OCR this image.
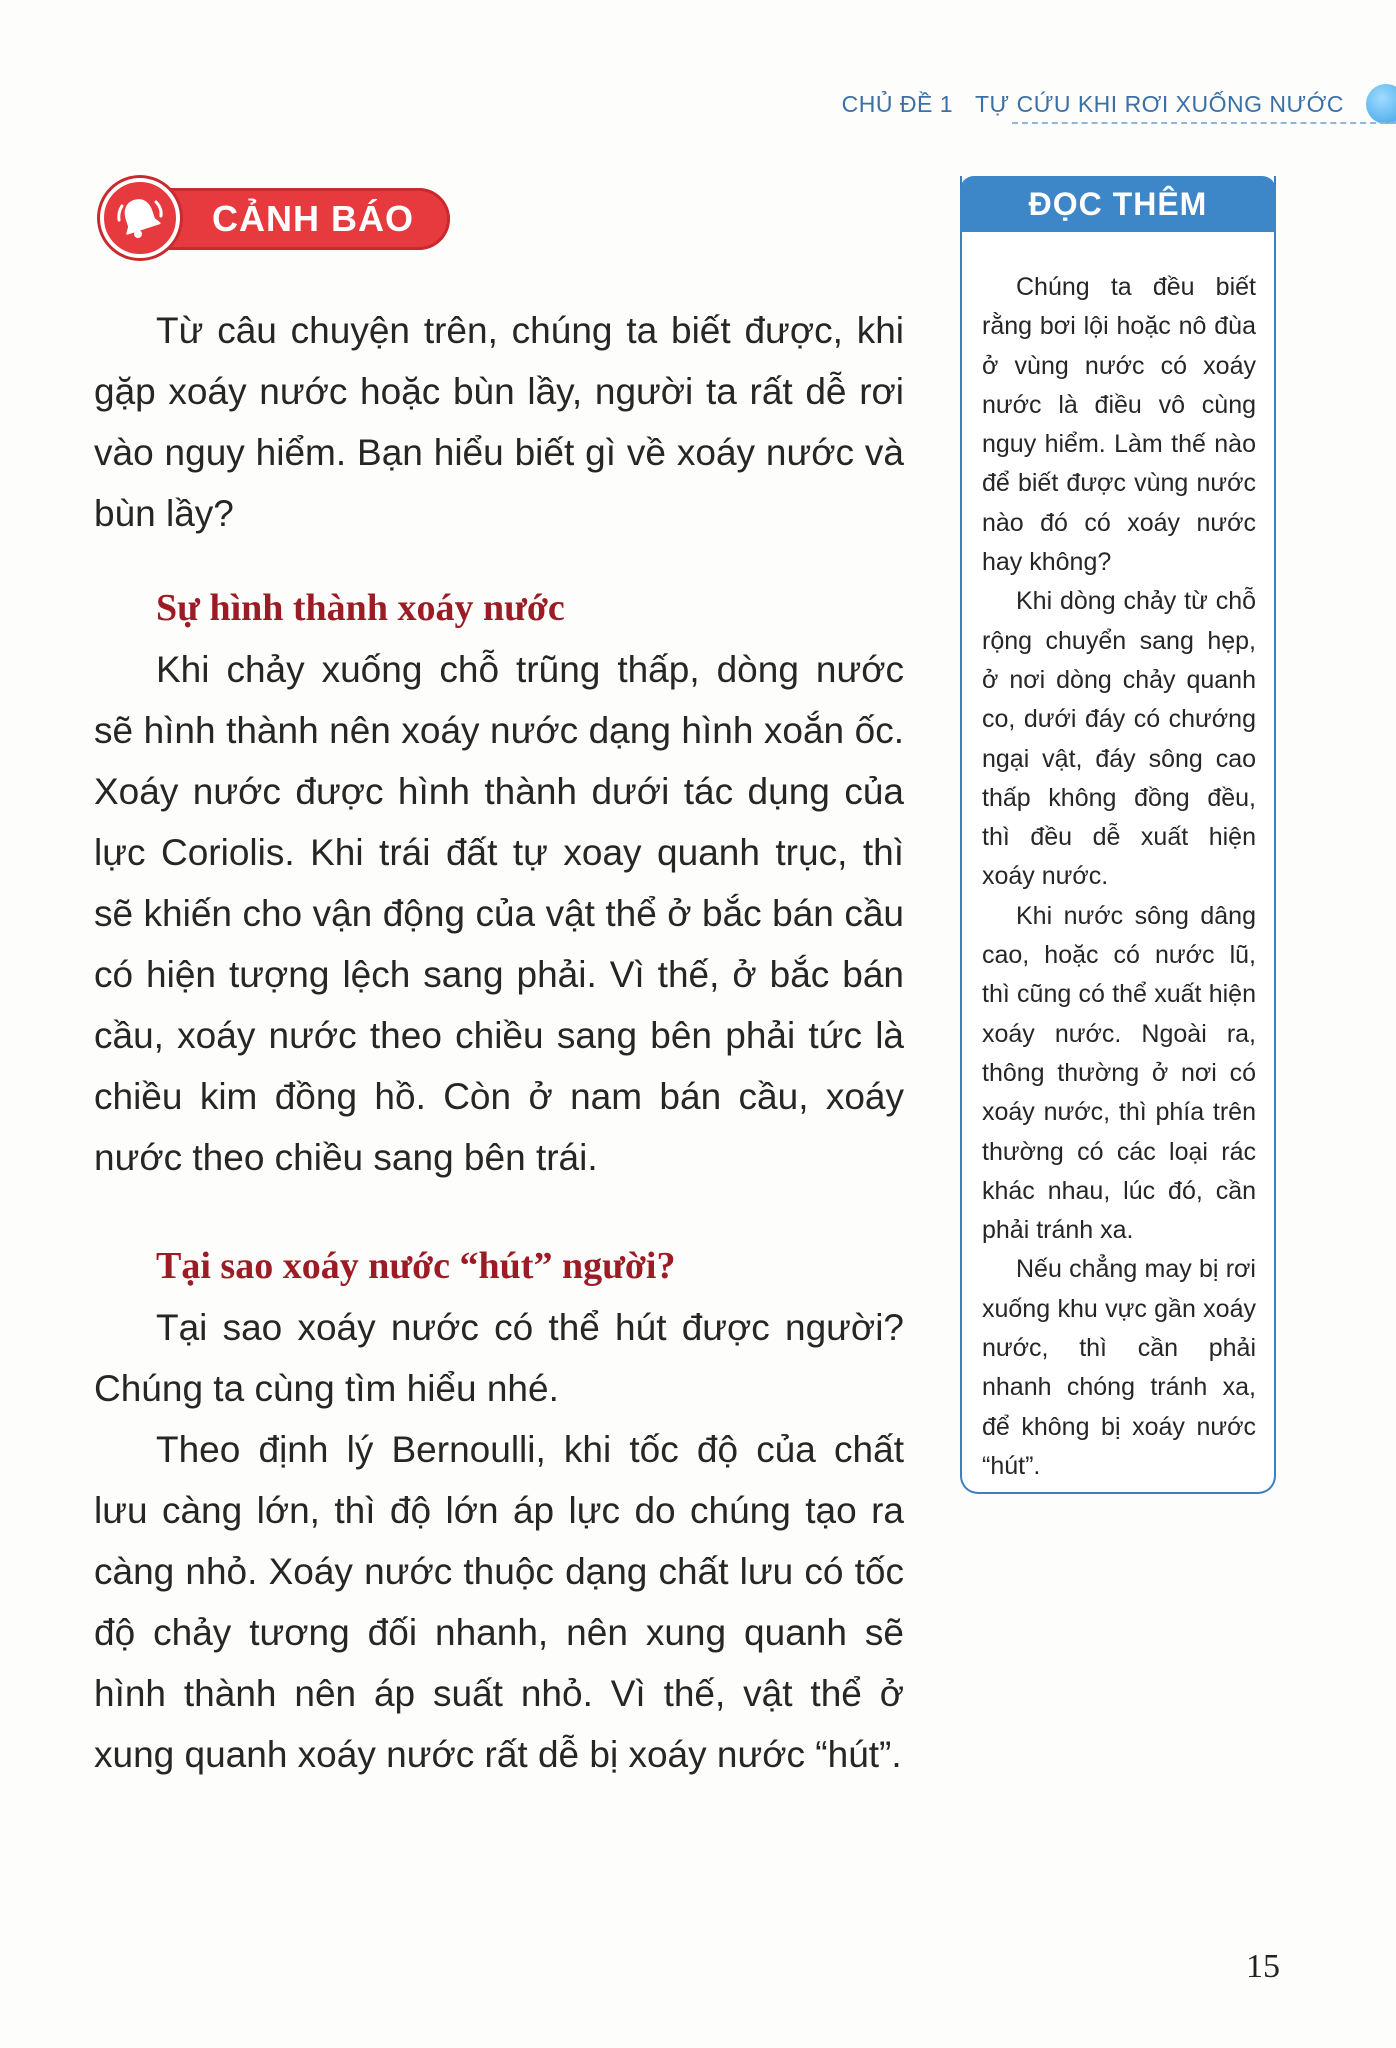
CHỦ ĐỀ 1 TỰ CỨU KHI RƠI XUỐNG NƯỚC
CẢNH BÁO

Từ câu chuyện trên, chúng ta biết được, khi gặp xoáy nước hoặc bùn lầy, người ta rất dễ rơi vào nguy hiểm. Bạn hiểu biết gì về xoáy nước và bùn lầy?

Sự hình thành xoáy nước

Khi chảy xuống chỗ trũng thấp, dòng nước sẽ hình thành nên xoáy nước dạng hình xoắn ốc. Xoáy nước được hình thành dưới tác dụng của lực Coriolis. Khi trái đất tự xoay quanh trục, thì sẽ khiến cho vận động của vật thể ở bắc bán cầu có hiện tượng lệch sang phải. Vì thế, ở bắc bán cầu, xoáy nước theo chiều sang bên phải tức là chiều kim đồng hồ. Còn ở nam bán cầu, xoáy nước theo chiều sang bên trái.

Tại sao xoáy nước “hút” người?

Tại sao xoáy nước có thể hút được người? Chúng ta cùng tìm hiểu nhé.

Theo định lý Bernoulli, khi tốc độ của chất lưu càng lớn, thì độ lớn áp lực do chúng tạo ra càng nhỏ. Xoáy nước thuộc dạng chất lưu có tốc độ chảy tương đối nhanh, nên xung quanh sẽ hình thành nên áp suất nhỏ. Vì thế, vật thể ở xung quanh xoáy nước rất dễ bị xoáy nước “hút”.

ĐỌC THÊM

Chúng ta đều biết rằng bơi lội hoặc nô đùa ở vùng nước có xoáy nước là điều vô cùng nguy hiểm. Làm thế nào để biết được vùng nước nào đó có xoáy nước hay không?

Khi dòng chảy từ chỗ rộng chuyển sang hẹp, ở nơi dòng chảy quanh co, dưới đáy có chướng ngại vật, đáy sông cao thấp không đồng đều, thì đều dễ xuất hiện xoáy nước.

Khi nước sông dâng cao, hoặc có nước lũ, thì cũng có thể xuất hiện xoáy nước. Ngoài ra, thông thường ở nơi có xoáy nước, thì phía trên thường có các loại rác khác nhau, lúc đó, cần phải tránh xa.

Nếu chẳng may bị rơi xuống khu vực gần xoáy nước, thì cần phải nhanh chóng tránh xa, để không bị xoáy nước “hút”.

15
